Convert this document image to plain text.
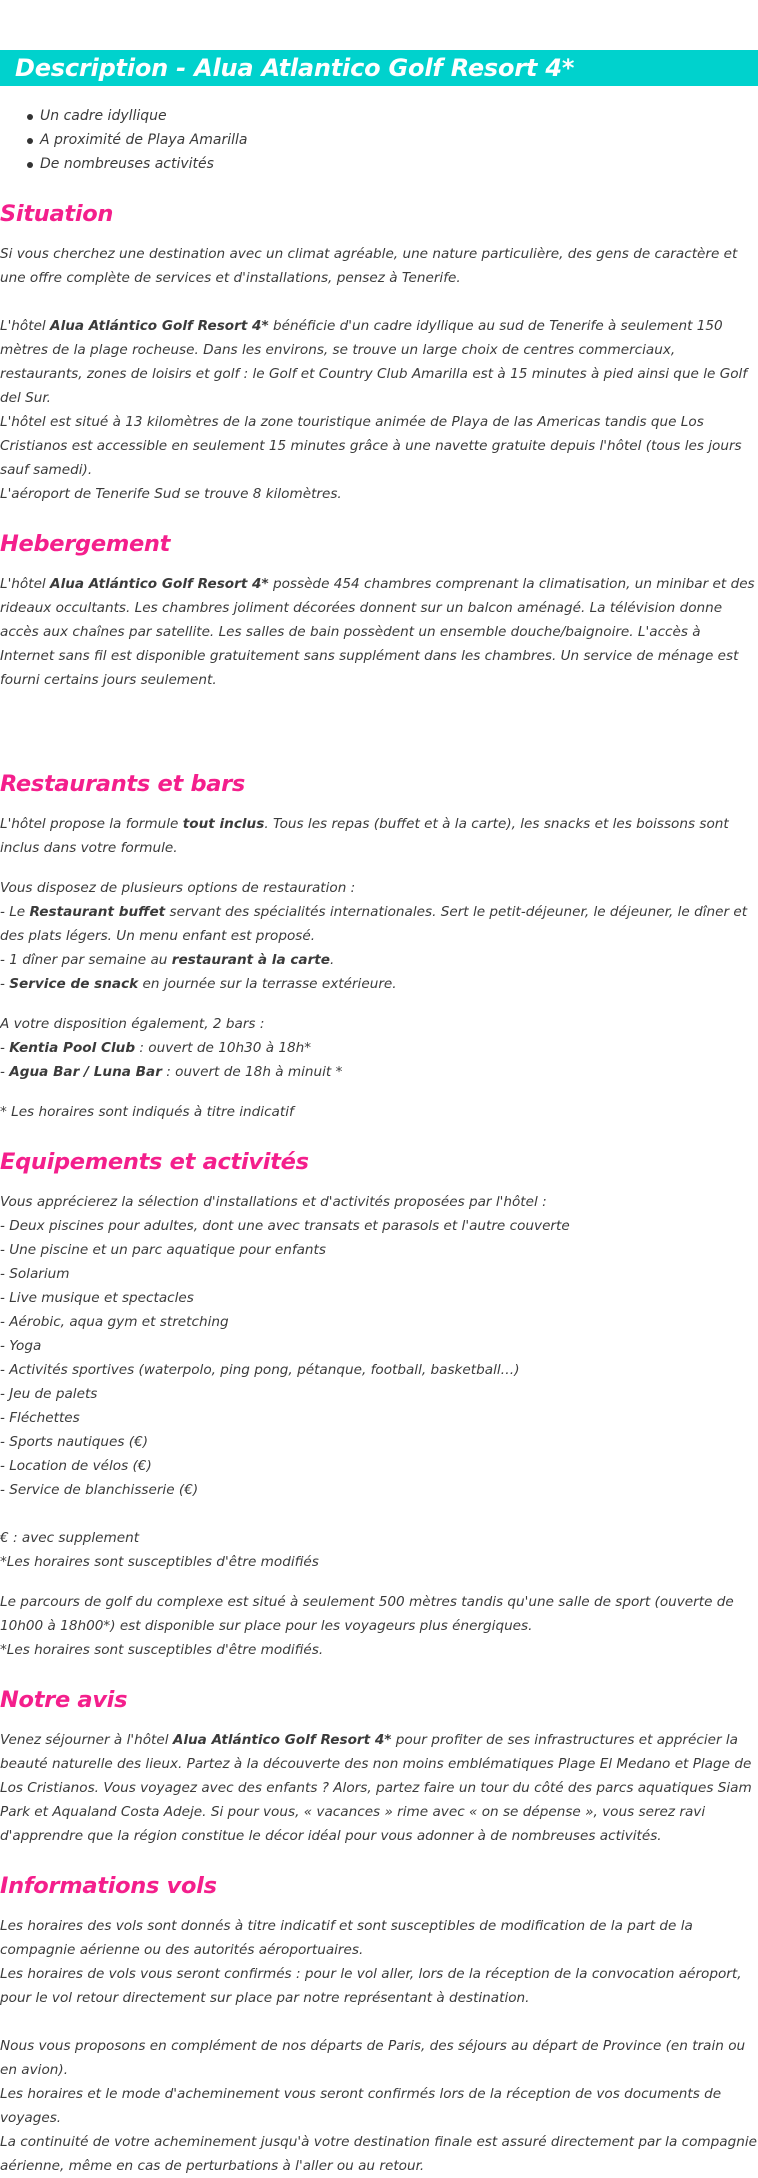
Description - Alua Atlantico Golf Resort 4*
Un cadre idyllique
A proximité de Playa Amarilla
De nombreuses activités
Situation

Si vous cherchez une destination avec un climat agréable, une nature particulière, des gens de caractère et une offre complète de services et d'installations, pensez à Tenerife.

L'hôtel Alua Atlántico Golf Resort 4* bénéficie d'un cadre idyllique au sud de Tenerife à seulement 150 mètres de la plage rocheuse. Dans les environs, se trouve un large choix de centres commerciaux, restaurants, zones de loisirs et golf : le Golf et Country Club Amarilla est à 15 minutes à pied ainsi que le Golf del Sur.
L'hôtel est situé à 13 kilomètres de la zone touristique animée de Playa de las Americas tandis que Los Cristianos est accessible en seulement 15 minutes grâce à une navette gratuite depuis l'hôtel (tous les jours sauf samedi).
L'aéroport de Tenerife Sud se trouve 8 kilomètres.

Hebergement

L'hôtel Alua Atlántico Golf Resort 4* possède 454 chambres comprenant la climatisation, un minibar et des rideaux occultants. Les chambres joliment décorées donnent sur un balcon aménagé. La télévision donne accès aux chaînes par satellite. Les salles de bain possèdent un ensemble douche/baignoire. L'accès à Internet sans fil est disponible gratuitement sans supplément dans les chambres. Un service de ménage est fourni certains jours seulement.

Restaurants et bars

L'hôtel propose la formule tout inclus. Tous les repas (buffet et à la carte), les snacks et les boissons sont inclus dans votre formule.

Vous disposez de plusieurs options de restauration :
- Le Restaurant buffet servant des spécialités internationales. Sert le petit-déjeuner, le déjeuner, le dîner et des plats légers. Un menu enfant est proposé.
- 1 dîner par semaine au restaurant à la carte.
- Service de snack en journée sur la terrasse extérieure.

A votre disposition également, 2 bars :
- Kentia Pool Club : ouvert de 10h30 à 18h*
- Agua Bar / Luna Bar : ouvert de 18h à minuit *

* Les horaires sont indiqués à titre indicatif

Equipements et activités

Vous apprécierez la sélection d'installations et d'activités proposées par l'hôtel :
- Deux piscines pour adultes, dont une avec transats et parasols et l'autre couverte
- Une piscine et un parc aquatique pour enfants
- Solarium
- Live musique et spectacles
- Aérobic, aqua gym et stretching
- Yoga
- Activités sportives (waterpolo, ping pong, pétanque, football, basketball…)
- Jeu de palets
- Fléchettes
- Sports nautiques (€)
- Location de vélos (€)
- Service de blanchisserie (€)

€ : avec supplement
*Les horaires sont susceptibles d'être modifiés

Le parcours de golf du complexe est situé à seulement 500 mètres tandis qu'une salle de sport (ouverte de 10h00 à 18h00*) est disponible sur place pour les voyageurs plus énergiques.
*Les horaires sont susceptibles d'être modifiés.

Notre avis

Venez séjourner à l'hôtel Alua Atlántico Golf Resort 4* pour profiter de ses infrastructures et apprécier la beauté naturelle des lieux. Partez à la découverte des non moins emblématiques Plage El Medano et Plage de Los Cristianos. Vous voyagez avec des enfants ? Alors, partez faire un tour du côté des parcs aquatiques Siam Park et Aqualand Costa Adeje. Si pour vous, « vacances » rime avec « on se dépense », vous serez ravi d'apprendre que la région constitue le décor idéal pour vous adonner à de nombreuses activités.

Informations vols

Les horaires des vols sont donnés à titre indicatif et sont susceptibles de modification de la part de la compagnie aérienne ou des autorités aéroportuaires.
Les horaires de vols vous seront confirmés : pour le vol aller, lors de la réception de la convocation aéroport, pour le vol retour directement sur place par notre représentant à destination.

Nous vous proposons en complément de nos départs de Paris, des séjours au départ de Province (en train ou en avion).
Les horaires et le mode d'acheminement vous seront confirmés lors de la réception de vos documents de voyages.
La continuité de votre acheminement jusqu'à votre destination finale est assuré directement par la compagnie aérienne, même en cas de perturbations à l'aller ou au retour.
